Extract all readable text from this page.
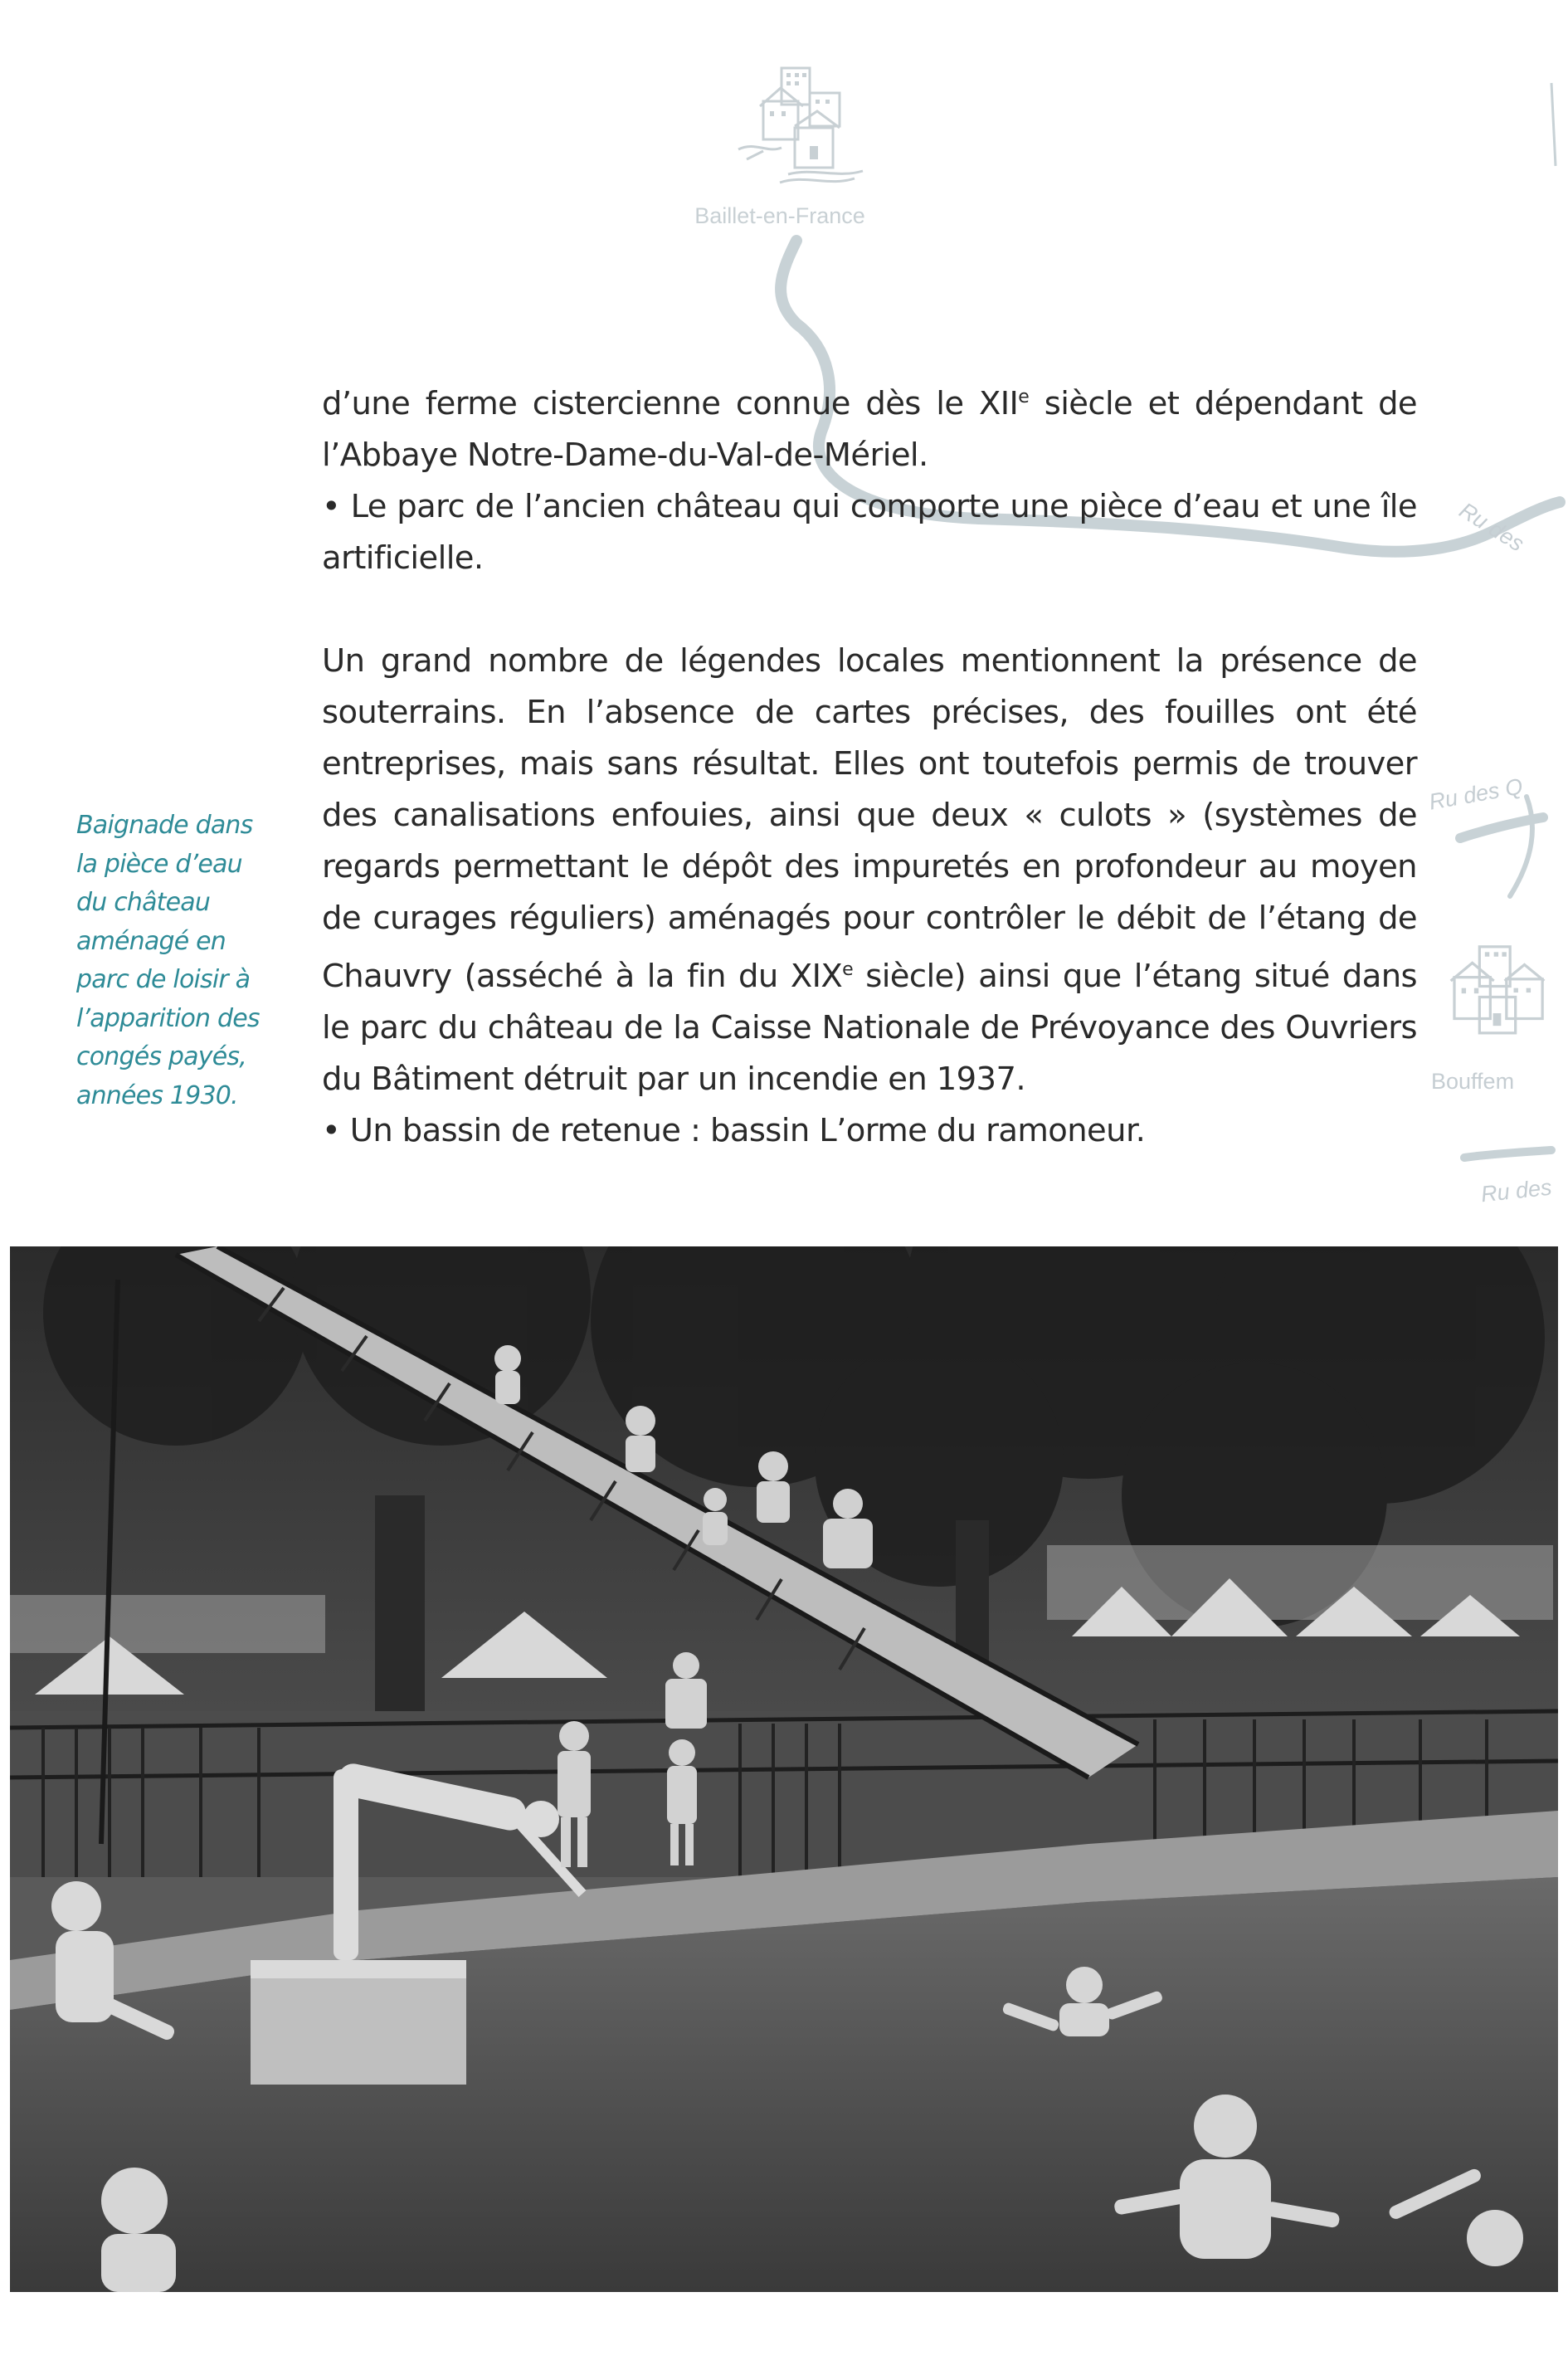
Baillet-en-France
Ru des
Ru des Q
Bouffem
Ru des

d’une ferme cistercienne connue dès le XIIe siècle et dépendant de l’Abbaye Notre-Dame-du-Val-de-Mériel.

• Le parc de l’ancien château qui comporte une pièce d’eau et une île artificielle.

Un grand nombre de légendes locales mentionnent la présence de souterrains. En l’absence de cartes précises, des fouilles ont été entreprises, mais sans résultat. Elles ont toutefois permis de trouver des canalisations enfouies, ainsi que deux « culots » (systèmes de regards permettant le dépôt des impuretés en profondeur au moyen de curages réguliers) aménagés pour contrôler le débit de l’étang de Chauvry (asséché à la fin du XIXe siècle) ainsi que l’étang situé dans le parc du château de la Caisse Nationale de Prévoyance des Ouvriers du Bâtiment détruit par un incendie en 1937.

• Un bassin de retenue : bassin L’orme du ramoneur.

Baignade dans la pièce d’eau du château aménagé en parc de loisir à l’apparition des congés payés, années 1930.
